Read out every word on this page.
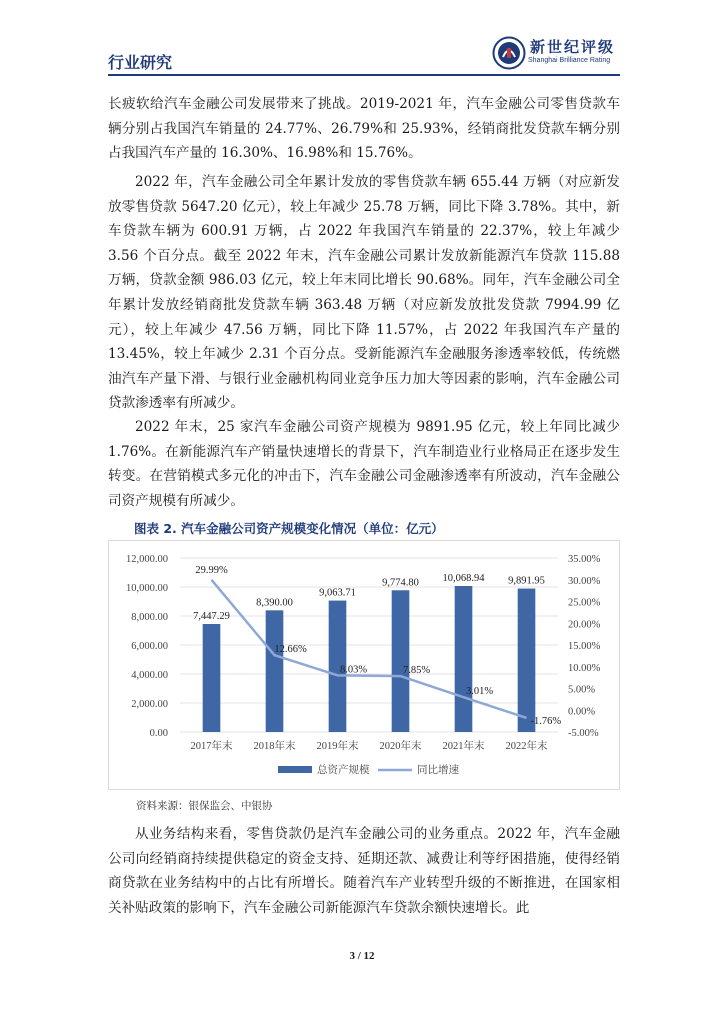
行业研究
新世纪评级
Shanghai Brilliance Rating

长疲软给汽车金融公司发展带来了挑战。2019-2021 年，汽车金融公司零售贷款车辆分别占我国汽车销量的 24.77%、26.79%和 25.93%，经销商批发贷款车辆分别占我国汽车产量的 16.30%、16.98%和 15.76%。

2022 年，汽车金融公司全年累计发放的零售贷款车辆 655.44 万辆（对应新发放零售贷款 5647.20 亿元），较上年减少 25.78 万辆，同比下降 3.78%。其中，新车贷款车辆为 600.91 万辆，占 2022 年我国汽车销量的 22.37%，较上年减少 3.56 个百分点。截至 2022 年末，汽车金融公司累计发放新能源汽车贷款 115.88 万辆，贷款金额 986.03 亿元，较上年末同比增长 90.68%。同年，汽车金融公司全年累计发放经销商批发贷款车辆 363.48 万辆（对应新发放批发贷款 7994.99 亿元），较上年减少 47.56 万辆，同比下降 11.57%，占 2022 年我国汽车产量的 13.45%，较上年减少 2.31 个百分点。受新能源汽车金融服务渗透率较低，传统燃油汽车产量下滑、与银行业金融机构同业竞争压力加大等因素的影响，汽车金融公司贷款渗透率有所减少。

2022 年末，25 家汽车金融公司资产规模为 9891.95 亿元，较上年同比减少 1.76%。在新能源汽车产销量快速增长的背景下，汽车制造业行业格局正在逐步发生转变。在营销模式多元化的冲击下，汽车金融公司金融渗透率有所波动，汽车金融公司资产规模有所减少。

图表 2. 汽车金融公司资产规模变化情况（单位：亿元）
7,447.29
8,390.00
9,063.71
9,774.80 10,068.94 9,891.95
29.99%
12.66%
8.03%	7.85%
3.01%
-1.76%
0.00
2,000.00
4,000.00
6,000.00
8,000.00
10,000.00
12,000.00
-5.00%
0.00%
5.00%
10.00%
15.00%
20.00%
25.00%
30.00%
35.00%
2017年末 2018年末 2019年末 2020年末 2021年末 2022年末
总资产规模	同比增速
资料来源：银保监会、中银协

从业务结构来看，零售贷款仍是汽车金融公司的业务重点。2022 年，汽车金融公司向经销商持续提供稳定的资金支持、延期还款、减费让利等纾困措施，使得经销商贷款在业务结构中的占比有所增长。随着汽车产业转型升级的不断推进，在国家相关补贴政策的影响下，汽车金融公司新能源汽车贷款余额快速增长。此

3 / 12
